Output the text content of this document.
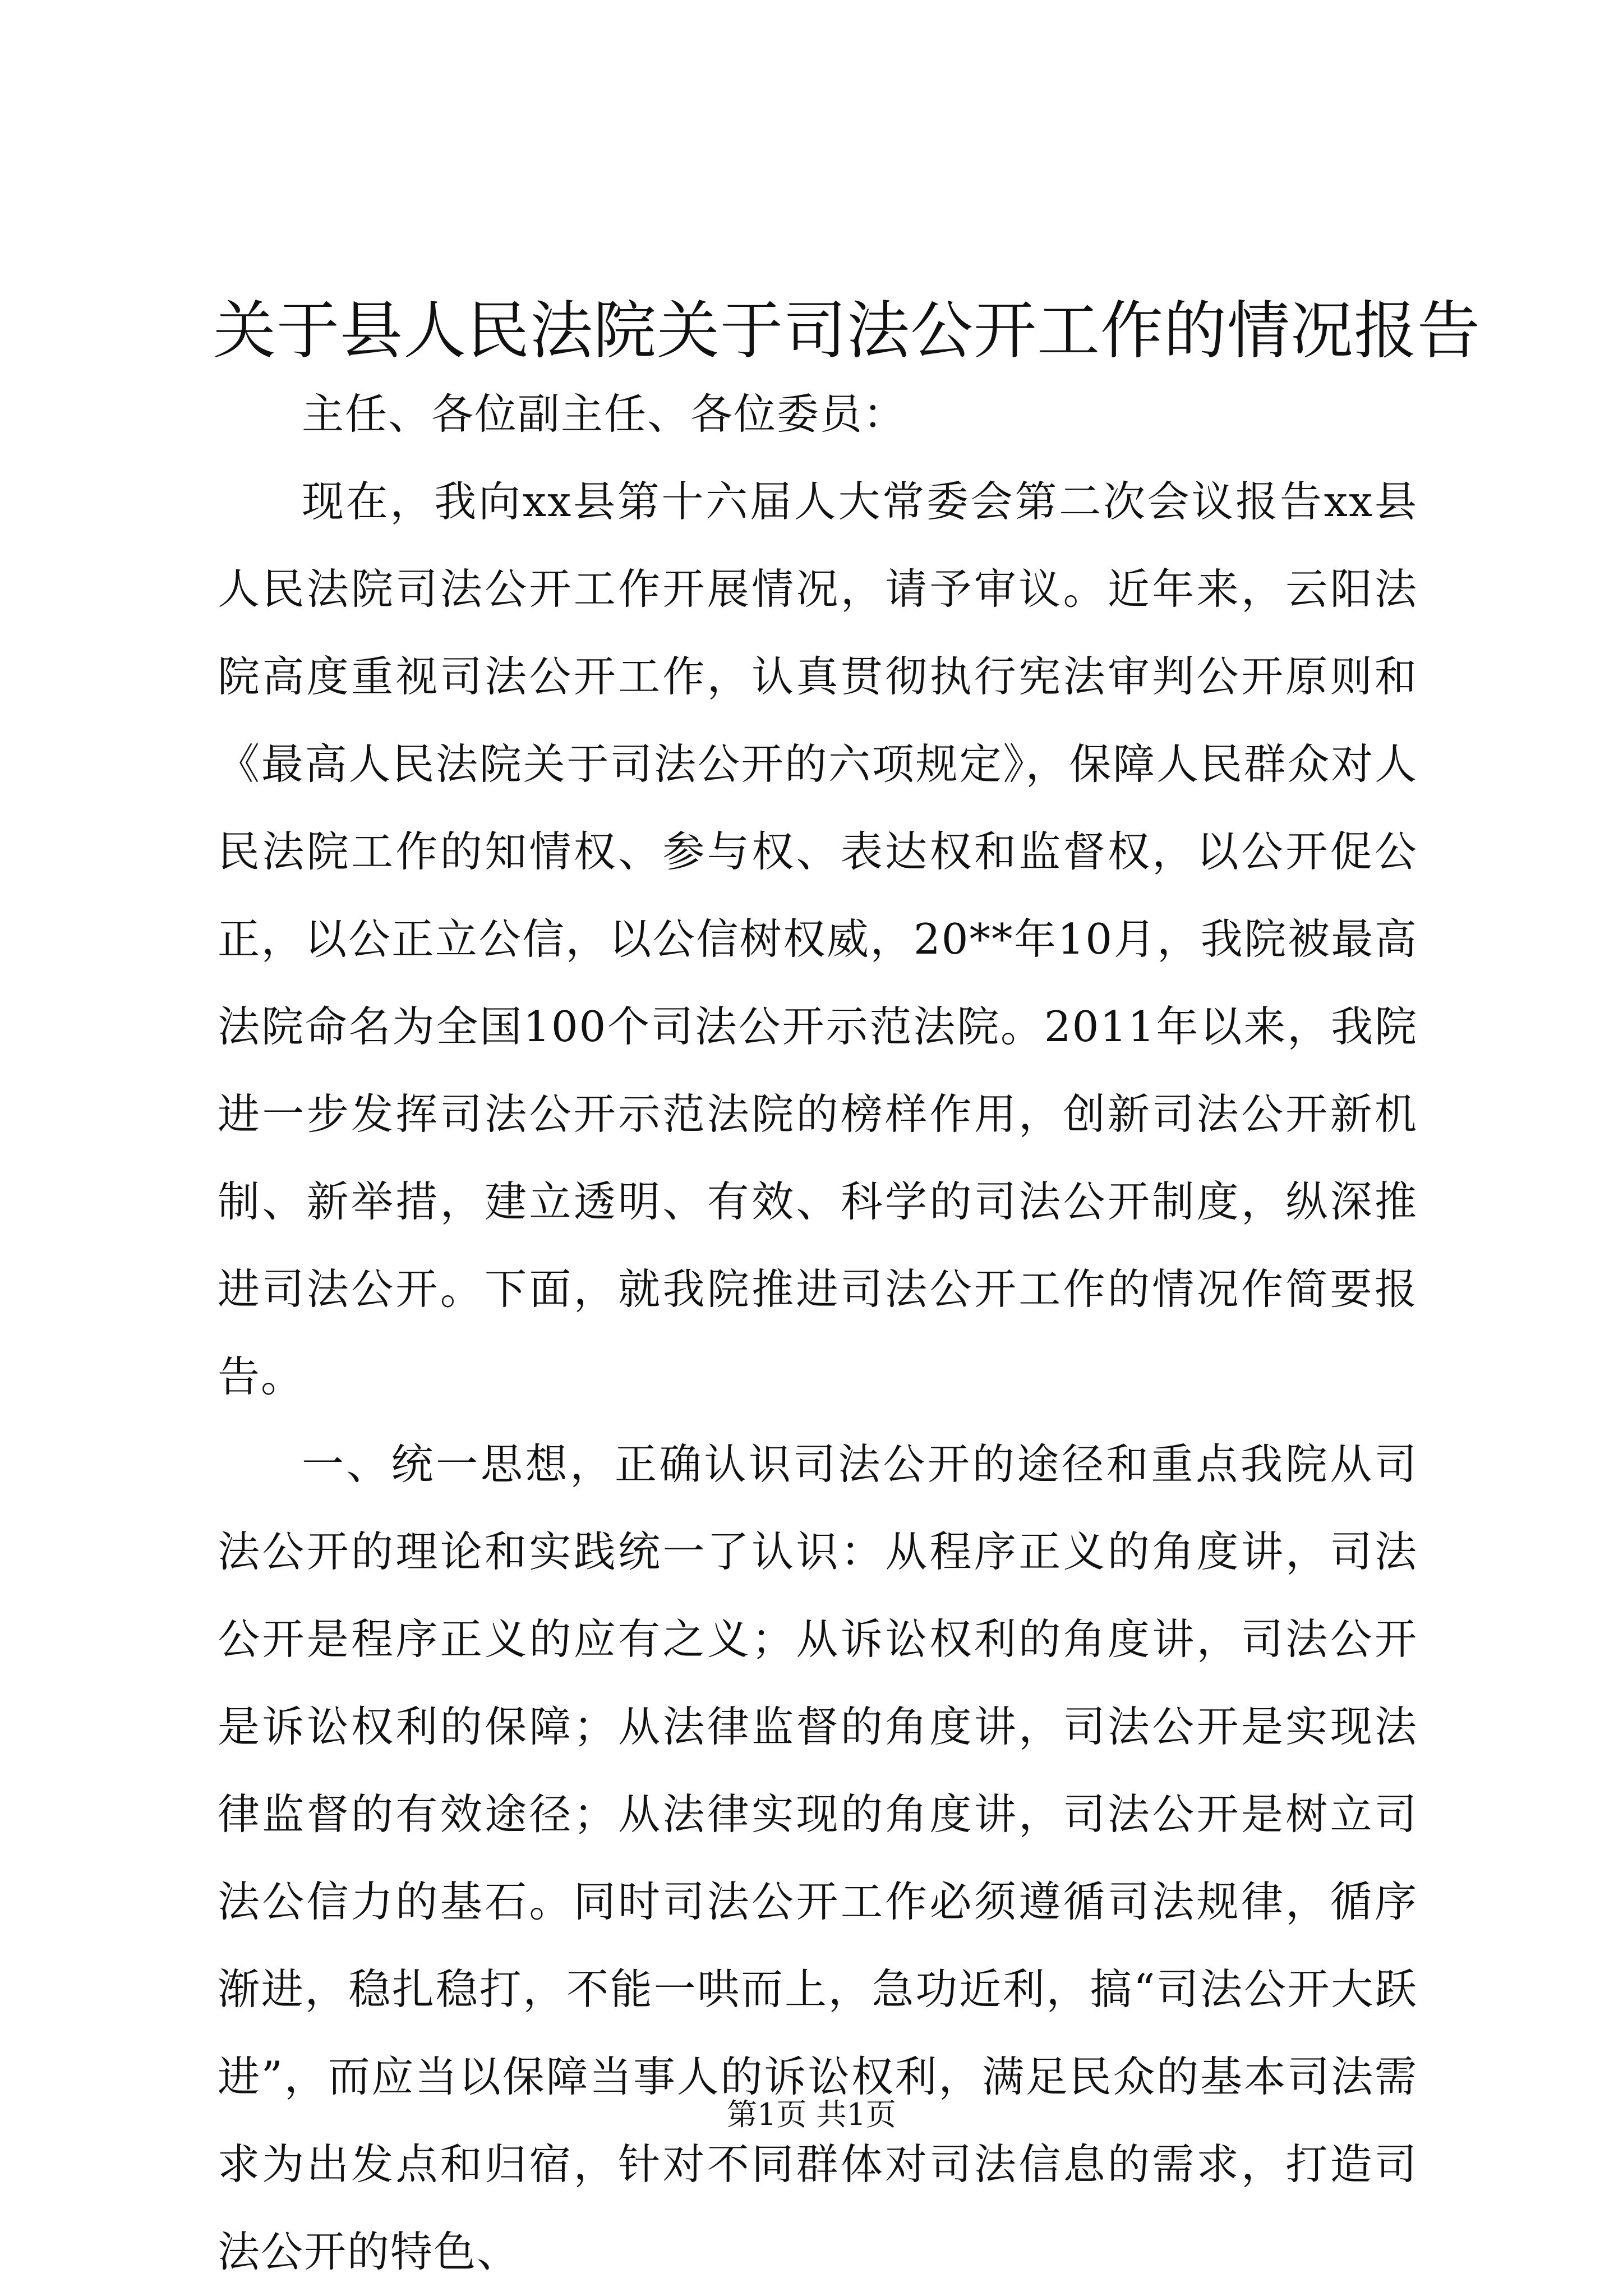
关于县人民法院关于司法公开工作的情况报告

主任、各位副主任、各位委员：

现在，我向xx县第十六届人大常委会第二次会议报告xx县人民法院司法公开工作开展情况，请予审议。近年来，云阳法院高度重视司法公开工作，认真贯彻执行宪法审判公开原则和《最高人民法院关于司法公开的六项规定》，保障人民群众对人民法院工作的知情权、参与权、表达权和监督权，以公开促公正，以公正立公信，以公信树权威，20**年10月，我院被最高法院命名为全国100个司法公开示范法院。2011年以来，我院进一步发挥司法公开示范法院的榜样作用，创新司法公开新机制、新举措，建立透明、有效、科学的司法公开制度，纵深推进司法公开。下面，就我院推进司法公开工作的情况作简要报告。

一、统一思想，正确认识司法公开的途径和重点我院从司法公开的理论和实践统一了认识：从程序正义的角度讲，司法公开是程序正义的应有之义；从诉讼权利的角度讲，司法公开是诉讼权利的保障；从法律监督的角度讲，司法公开是实现法律监督的有效途径；从法律实现的角度讲，司法公开是树立司法公信力的基石。同时司法公开工作必须遵循司法规律，循序渐进，稳扎稳打，不能一哄而上，急功近利，搞“司法公开大跃进”，而应当以保障当事人的诉讼权利，满足民众的基本司法需求为出发点和归宿，针对不同群体对司法信息的需求，打造司法公开的特色、

第1页 共1页
